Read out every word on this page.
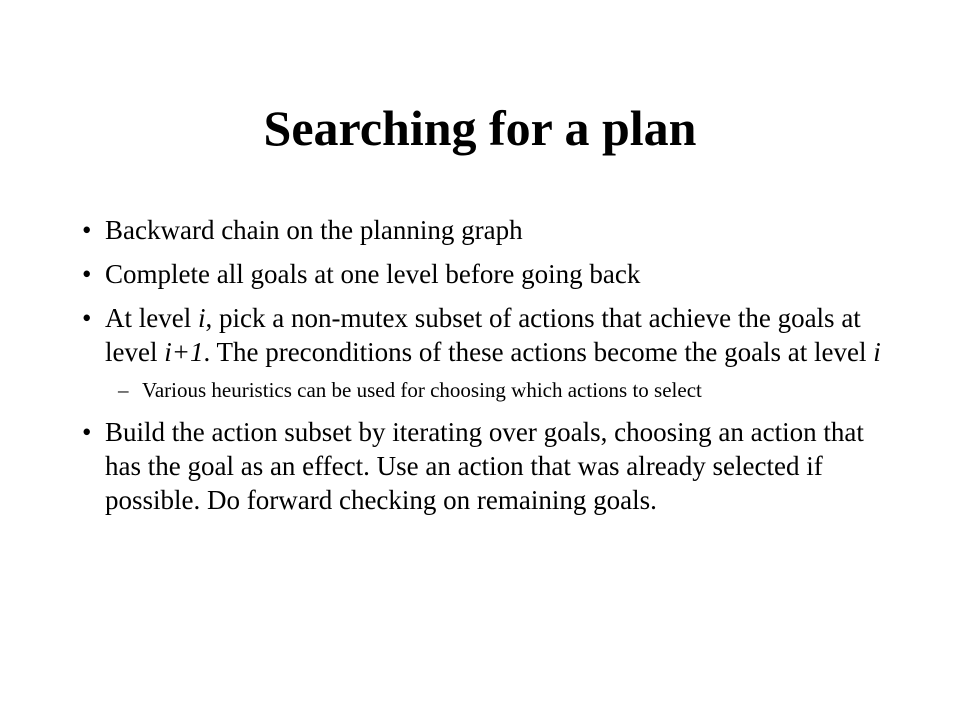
Searching for a plan
• Backward chain on the planning graph
• Complete all goals at one level before going back
• At level i, pick a non-mutex subset of actions that achieve the goals at level i+1. The preconditions of these actions become the goals at level i
– Various heuristics can be used for choosing which actions to select
• Build the action subset by iterating over goals, choosing an action that has the goal as an effect. Use an action that was already selected if possible. Do forward checking on remaining goals.
